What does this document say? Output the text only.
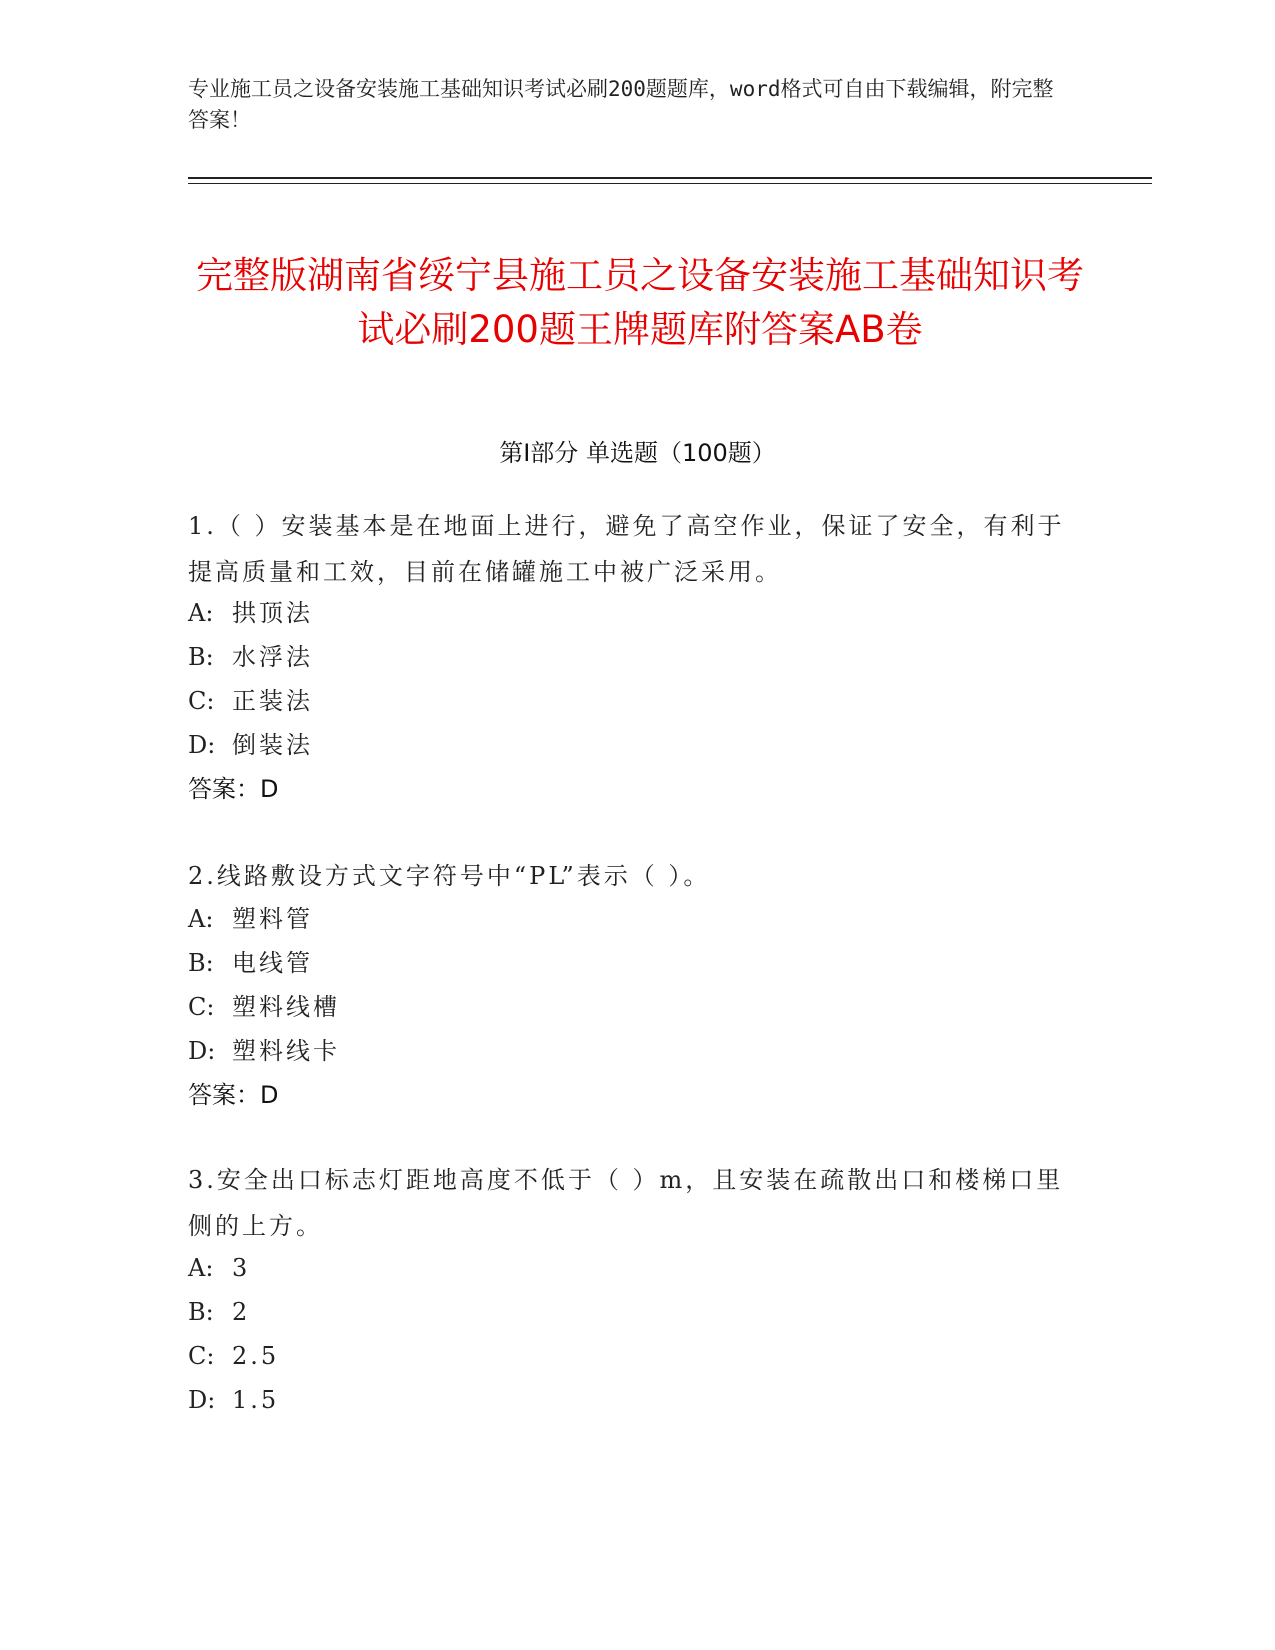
专业施工员之设备安装施工基础知识考试必刷200题题库，word格式可自由下载编辑，附完整答案！
完整版湖南省绥宁县施工员之设备安装施工基础知识考试必刷200题王牌题库附答案AB卷
第Ⅰ部分 单选题（100题）
1.（ ）安装基本是在地面上进行，避免了高空作业，保证了安全，有利于提高质量和工效，目前在储罐施工中被广泛采用。
A: 拱顶法
B: 水浮法
C: 正装法
D: 倒装法
答案：D
2.线路敷设方式文字符号中“PL”表示（ ）。
A: 塑料管
B: 电线管
C: 塑料线槽
D: 塑料线卡
答案：D
3.安全出口标志灯距地高度不低于（ ）m，且安装在疏散出口和楼梯口里侧的上方。
A: 3
B: 2
C: 2.5
D: 1.5
